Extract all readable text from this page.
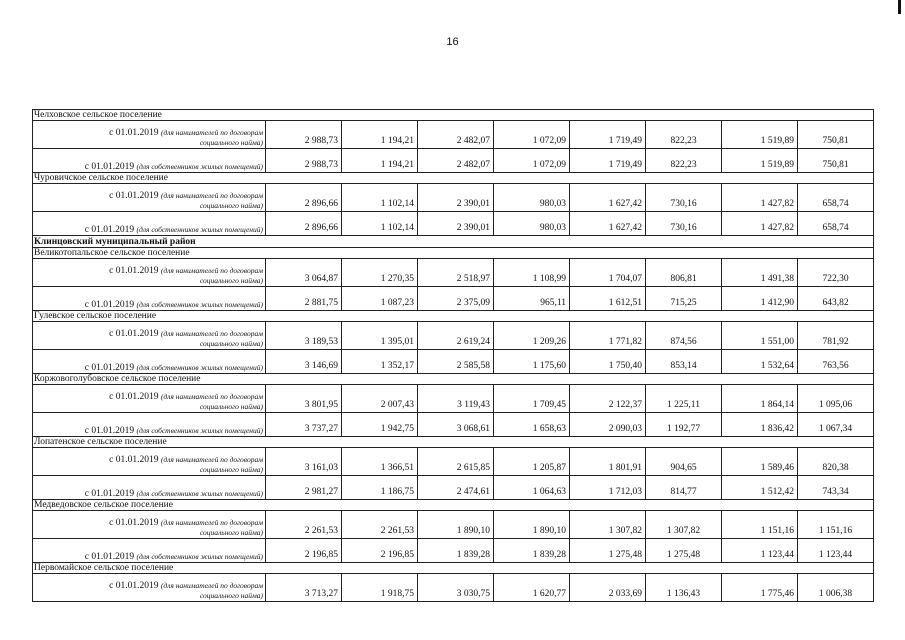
16
Челховское сельское поселение								

с 01.01.2019 (для нанимателей по договорам
социального найма)	2 988,73	1 194,21	2 482,07	1 072,09	1 719,49	822,23	1 519,89	750,81
с 01.01.2019 (для собственников жилых помещений)	2 988,73	1 194,21	2 482,07	1 072,09	1 719,49	822,23	1 519,89	750,81
Чуровичское сельское поселение								

с 01.01.2019 (для нанимателей по договорам
социального найма)	2 896,66	1 102,14	2 390,01	980,03	1 627,42	730,16	1 427,82	658,74
с 01.01.2019 (для собственников жилых помещений)	2 896,66	1 102,14	2 390,01	980,03	1 627,42	730,16	1 427,82	658,74
Клинцовский муниципальный район								
Великотопальское сельское поселение								

с 01.01.2019 (для нанимателей по договорам
социального найма)	3 064,87	1 270,35	2 518,97	1 108,99	1 704,07	806,81	1 491,38	722,30
с 01.01.2019 (для собственников жилых помещений)	2 881,75	1 087,23	2 375,09	965,11	1 612,51	715,25	1 412,90	643,82
Гулевское сельское поселение								

с 01.01.2019 (для нанимателей по договорам
социального найма)	3 189,53	1 395,01	2 619,24	1 209,26	1 771,82	874,56	1 551,00	781,92
с 01.01.2019 (для собственников жилых помещений)	3 146,69	1 352,17	2 585,58	1 175,60	1 750,40	853,14	1 532,64	763,56
Коржовоголубовское сельское поселение								

с 01.01.2019 (для нанимателей по договорам
социального найма)	3 801,95	2 007,43	3 119,43	1 709,45	2 122,37	1 225,11	1 864,14	1 095,06
с 01.01.2019 (для собственников жилых помещений)	3 737,27	1 942,75	3 068,61	1 658,63	2 090,03	1 192,77	1 836,42	1 067,34
Лопатенское сельское поселение								

с 01.01.2019 (для нанимателей по договорам
социального найма)	3 161,03	1 366,51	2 615,85	1 205,87	1 801,91	904,65	1 589,46	820,38
с 01.01.2019 (для собственников жилых помещений)	2 981,27	1 186,75	2 474,61	1 064,63	1 712,03	814,77	1 512,42	743,34
Медведовское сельское поселение								

с 01.01.2019 (для нанимателей по договорам
социального найма)	2 261,53	2 261,53	1 890,10	1 890,10	1 307,82	1 307,82	1 151,16	1 151,16
с 01.01.2019 (для собственников жилых помещений)	2 196,85	2 196,85	1 839,28	1 839,28	1 275,48	1 275,48	1 123,44	1 123,44
Первомайское сельское поселение								

с 01.01.2019 (для нанимателей по договорам
социального найма)	3 713,27	1 918,75	3 030,75	1 620,77	2 033,69	1 136,43	1 775,46	1 006,38
